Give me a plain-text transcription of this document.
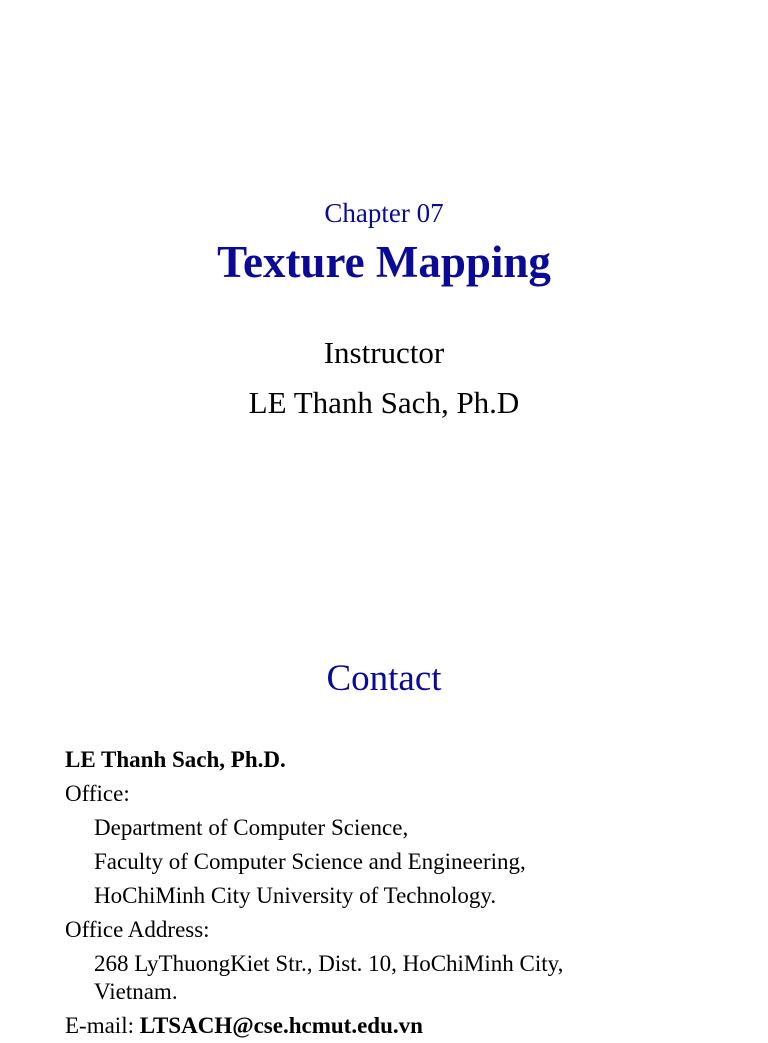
Chapter 07
Texture Mapping
Instructor
LE Thanh Sach, Ph.D
Contact
LE Thanh Sach, Ph.D.
Office:
Department of Computer Science,
Faculty of Computer Science and Engineering,
HoChiMinh City University of Technology.
Office Address:
268 LyThuongKiet Str., Dist. 10, HoChiMinh City,
Vietnam.
E-mail: LTSACH@cse.hcmut.edu.vn
